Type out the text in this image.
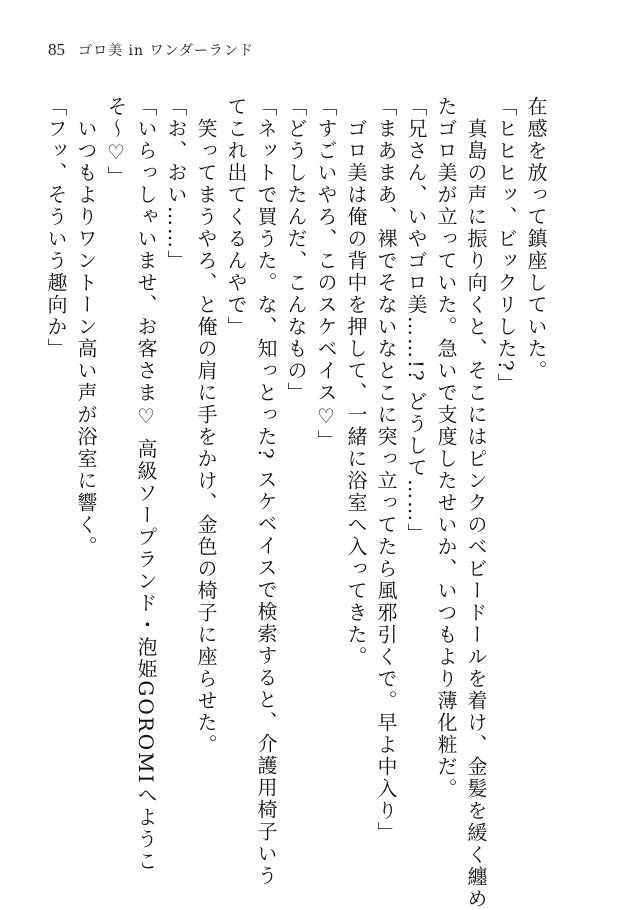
85 ゴロ美 in ワンダーランド
在感を放って鎮座していた。
「ヒヒヒッ、ビックリした?」
　真島の声に振り向くと、そこにはピンクのベビードールを着け、金髪を緩く纏め
たゴロ美が立っていた。急いで支度したせいか、いつもより薄化粧だ。
「兄さん、いやゴロ美……!? どうして……」
「まあまあ、裸でそないなとこに突っ立ってたら風邪引くで。早よ中入り」
　ゴロ美は俺の背中を押して、一緒に浴室へ入ってきた。
「すごいやろ、このスケベイス♡」
「どうしたんだ、こんなもの」
「ネットで買うた。な、知っとった? スケベイスで検索すると、介護用椅子いう
てこれ出てくるんやで」
　笑ってまうやろ、と俺の肩に手をかけ、金色の椅子に座らせた。
「お、おい……」
「いらっしゃいませ、お客さま♡ 高級ソープランド・泡姫GOROMIへようこ
そ〜♡」
　いつもよりワントーン高い声が浴室に響く。
「フッ、そういう趣向か」
